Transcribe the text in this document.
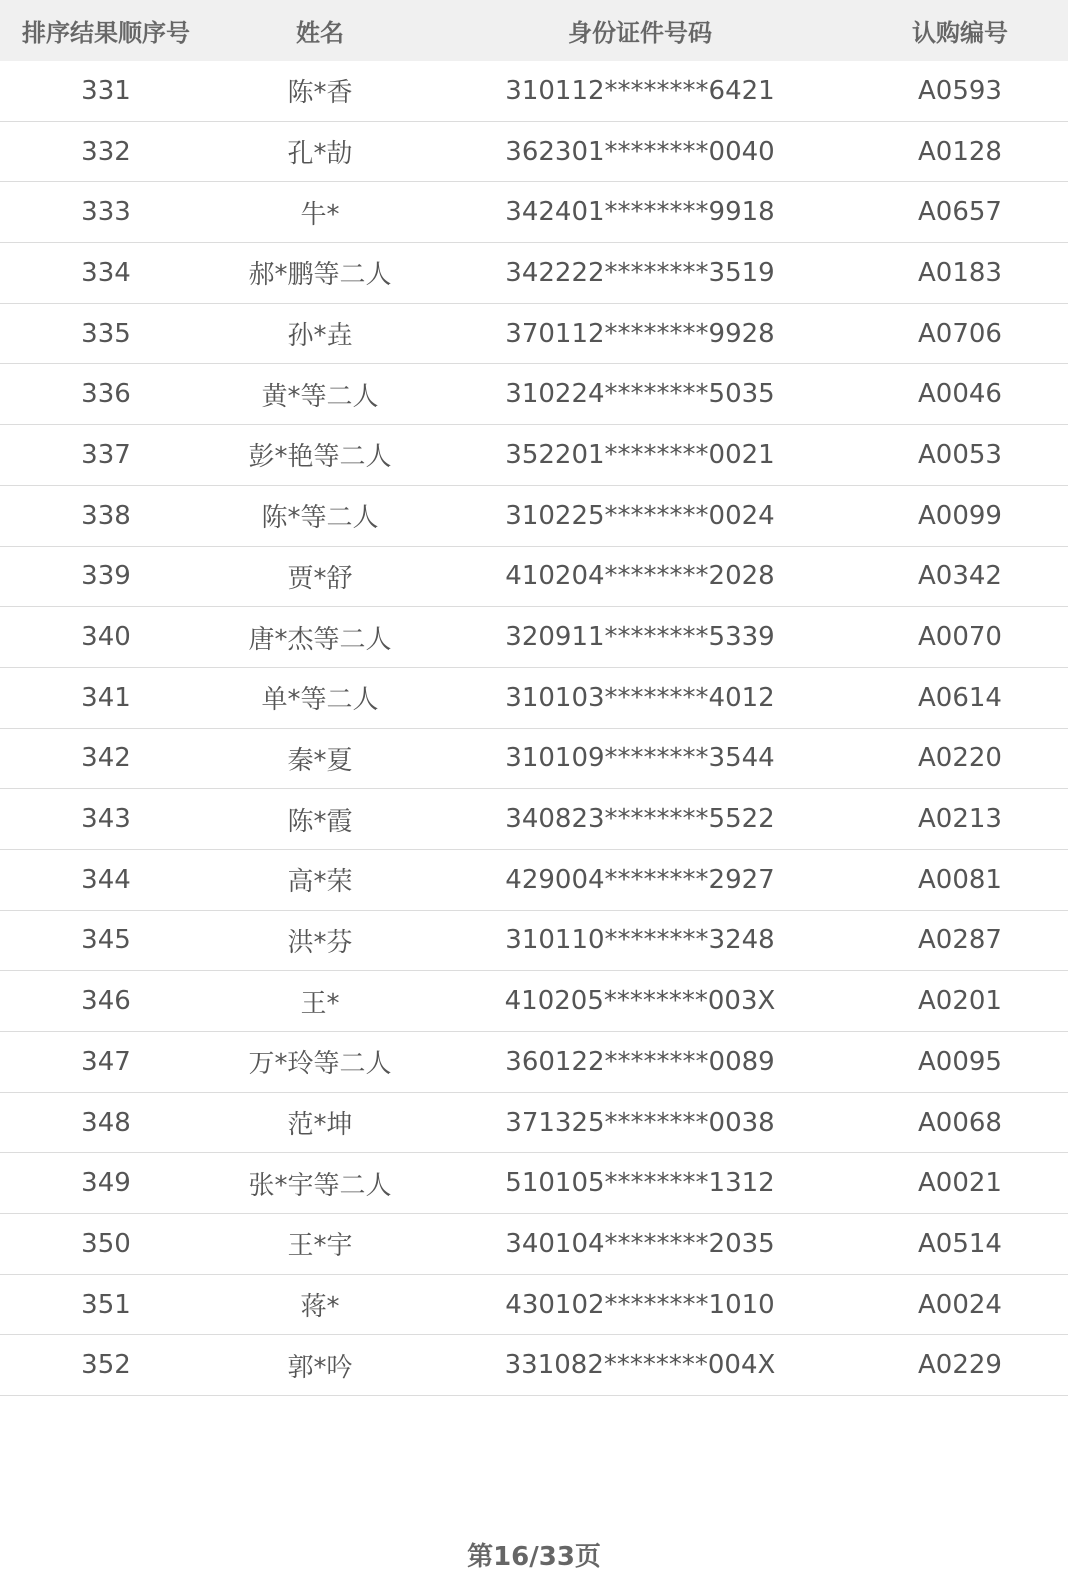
排序结果顺序号	姓名	身份证件号码	认购编号
331	陈*香	310112********6421	A0593
332	孔*劼	362301********0040	A0128
333	牛*	342401********9918	A0657
334	郝*鹏等二人	342222********3519	A0183
335	孙*垚	370112********9928	A0706
336	黄*等二人	310224********5035	A0046
337	彭*艳等二人	352201********0021	A0053
338	陈*等二人	310225********0024	A0099
339	贾*舒	410204********2028	A0342
340	唐*杰等二人	320911********5339	A0070
341	单*等二人	310103********4012	A0614
342	秦*夏	310109********3544	A0220
343	陈*霞	340823********5522	A0213
344	高*荣	429004********2927	A0081
345	洪*芬	310110********3248	A0287
346	王*	410205********003X	A0201
347	万*玲等二人	360122********0089	A0095
348	范*坤	371325********0038	A0068
349	张*宇等二人	510105********1312	A0021
350	王*宇	340104********2035	A0514
351	蒋*	430102********1010	A0024
352	郭*吟	331082********004X	A0229
第16/33页
